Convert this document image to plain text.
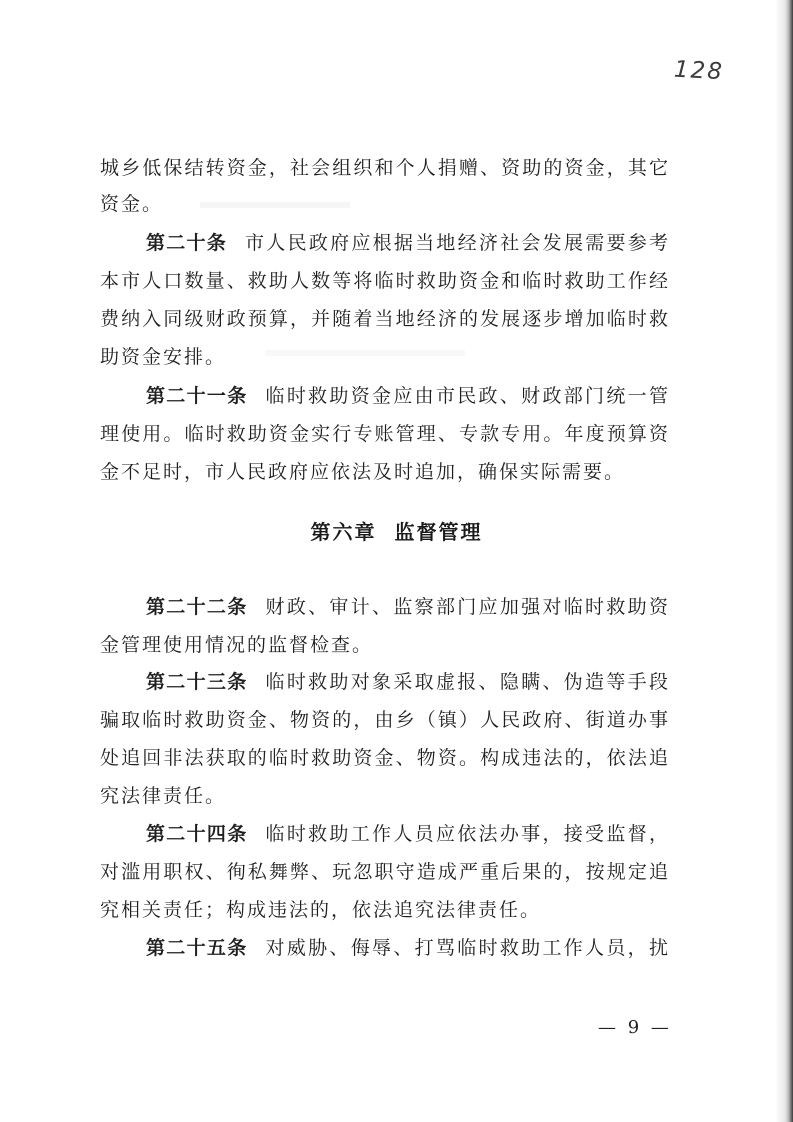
128
城乡低保结转资金，社会组织和个人捐赠、资助的资金，其它
资金。
第二十条 市人民政府应根据当地经济社会发展需要参考
本市人口数量、救助人数等将临时救助资金和临时救助工作经
费纳入同级财政预算，并随着当地经济的发展逐步增加临时救
助资金安排。
第二十一条 临时救助资金应由市民政、财政部门统一管
理使用。临时救助资金实行专账管理、专款专用。年度预算资
金不足时，市人民政府应依法及时追加，确保实际需要。
第六章 监督管理
第二十二条 财政、审计、监察部门应加强对临时救助资
金管理使用情况的监督检查。
第二十三条 临时救助对象采取虚报、隐瞒、伪造等手段
骗取临时救助资金、物资的，由乡（镇）人民政府、街道办事
处追回非法获取的临时救助资金、物资。构成违法的，依法追
究法律责任。
第二十四条 临时救助工作人员应依法办事，接受监督，
对滥用职权、徇私舞弊、玩忽职守造成严重后果的，按规定追
究相关责任；构成违法的，依法追究法律责任。
第二十五条 对威胁、侮辱、打骂临时救助工作人员，扰
— 9 —
